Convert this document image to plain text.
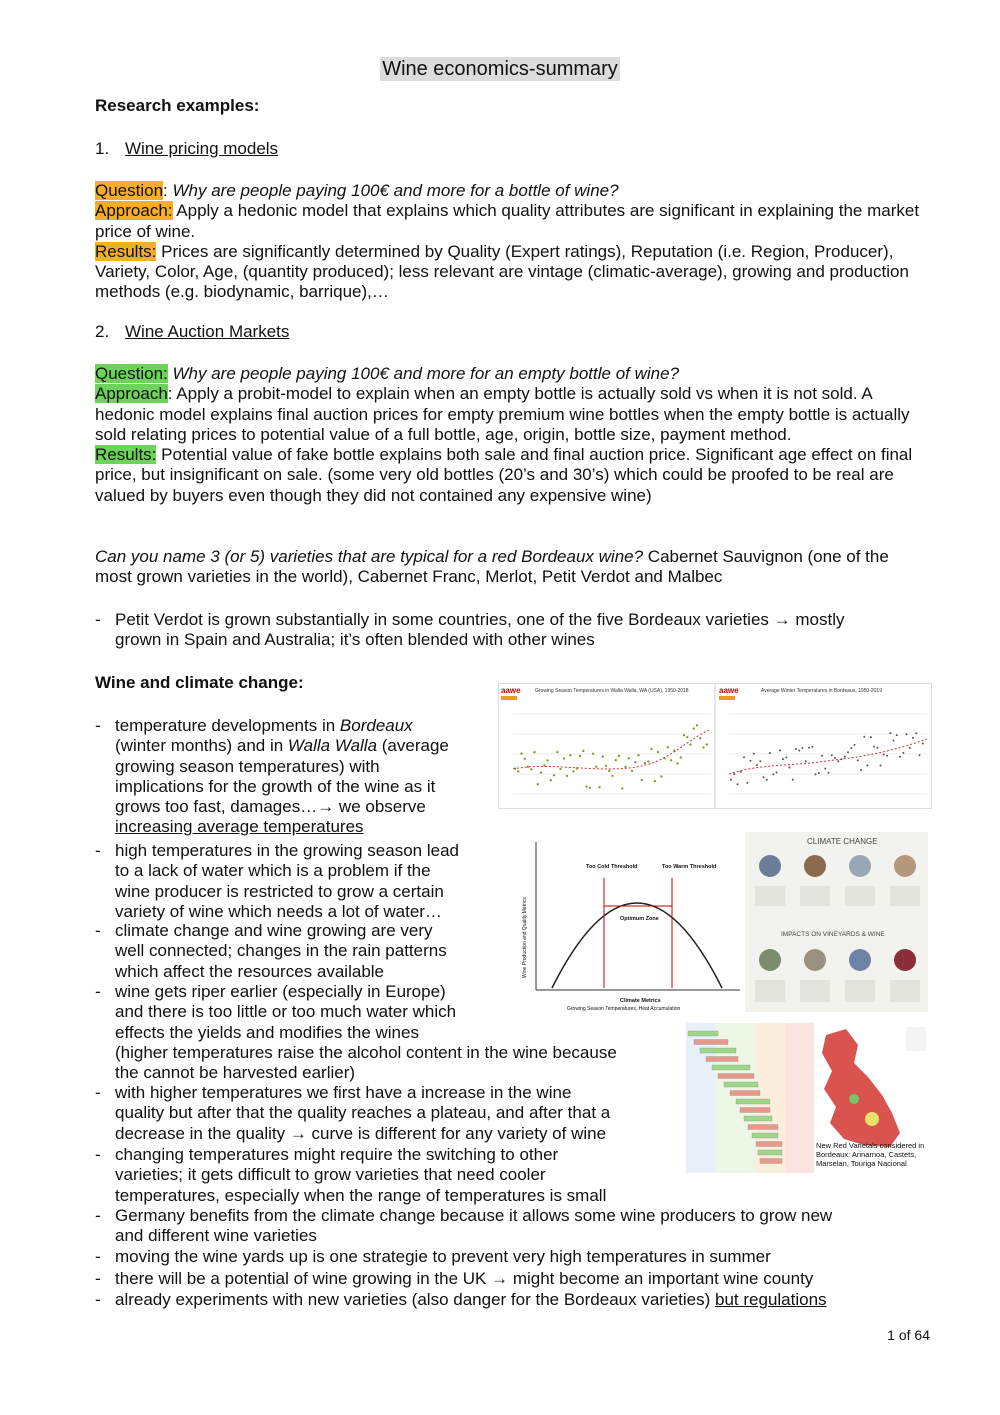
Wine economics-summary
Research examples:
1. Wine pricing models
Question: Why are people paying 100€ and more for a bottle of wine?
Approach: Apply a hedonic model that explains which quality attributes are significant in explaining the market price of wine.
Results: Prices are significantly determined by Quality (Expert ratings), Reputation (i.e. Region, Producer), Variety, Color, Age, (quantity produced); less relevant are vintage (climatic-average), growing and production methods (e.g. biodynamic, barrique),…
2. Wine Auction Markets
Question: Why are people paying 100€ and more for an empty bottle of wine?
Approach: Apply a probit-model to explain when an empty bottle is actually sold vs when it is not sold. A hedonic model explains final auction prices for empty premium wine bottles when the empty bottle is actually sold relating prices to potential value of a full bottle, age, origin, bottle size, payment method.
Results: Potential value of fake bottle explains both sale and final auction price. Significant age effect on final price, but insignificant on sale. (some very old bottles (20’s and 30’s) which could be proofed to be real are valued by buyers even though they did not contained any expensive wine)
Can you name 3 (or 5) varieties that are typical for a red Bordeaux wine? Cabernet Sauvignon (one of the most grown varieties in the world), Cabernet Franc, Merlot, Petit Verdot and Malbec
- Petit Verdot is grown substantially in some countries, one of the five Bordeaux varieties → mostly
grown in Spain and Australia; it’s often blended with other wines
Wine and climate change:
- temperature developments in Bordeaux
(winter months) and in Walla Walla (average
growing season temperatures) with
implications for the growth of the wine as it
grows too fast, damages…→ we observe
increasing average temperatures
- high temperatures in the growing season lead
to a lack of water which is a problem if the
wine producer is restricted to grow a certain
variety of wine which needs a lot of water…
- climate change and wine growing are very
well connected; changes in the rain patterns
which affect the resources available
- wine gets riper earlier (especially in Europe)
and there is too little or too much water which
effects the yields and modifies the wines
(higher temperatures raise the alcohol content in the wine because
the cannot be harvested earlier)
- with higher temperatures we first have a increase in the wine
quality but after that the quality reaches a plateau, and after that a
decrease in the quality → curve is different for any variety of wine
- changing temperatures might require the switching to other
varieties; it gets difficult to grow varieties that need cooler
temperatures, especially when the range of temperatures is small
- Germany benefits from the climate change because it allows some wine producers to grow new
and different wine varieties
- moving the wine yards up is one strategie to prevent very high temperatures in summer
- there will be a potential of wine growing in the UK → might become an important wine county
- already experiments with new varieties (also danger for the Bordeaux varieties) but regulations
aawe	aawe
Growing Season Temperatures in Walla Walla, WA (USA), 1950-2018	Average Winter Temperatures in Bordeaux, 1950-2019
Too Cold Threshold	Too Warm Threshold
Optimum Zone
Climate Metrics
Growing Season Temperatures, Heat Accumulation
Wine Production and Quality Metrics
CLIMATE CHANGE
IMPACTS ON VINEYARDS & WINE
New Red Varietals considered in Bordeaux: Arinarnoa, Castets, Marselan, Touriga Nacional
1 of 64
